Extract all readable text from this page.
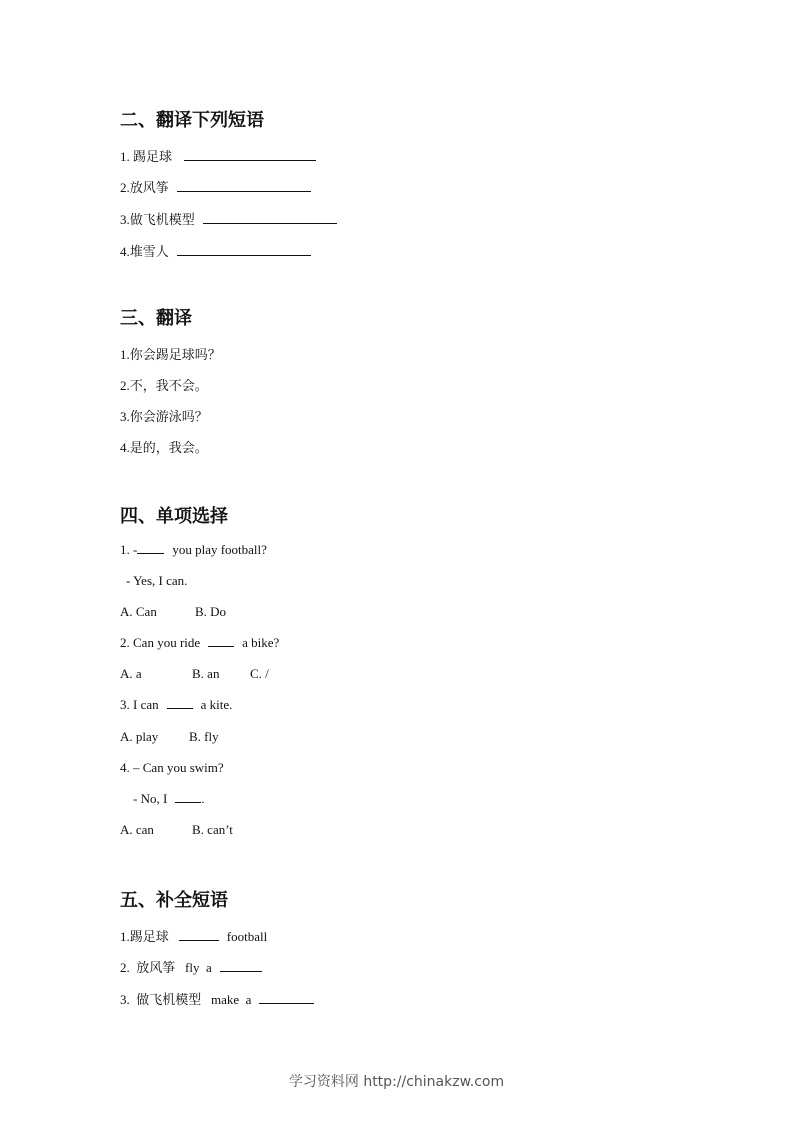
二、翻译下列短语
1. 踢足球
2.放风筝
3.做飞机模型
4.堆雪人
三、翻译
1.你会踢足球吗？
2.不，我不会。
3.你会游泳吗？
4.是的，我会。
四、单项选择
1. -	you play football?
- Yes, I can.
A. Can	B. Do
2. Can you ride	a bike?
A. a	B. an C. /
3. I can	a kite.
A. play B. fly
4. – Can you swim?
- No, I	.
A. can	B. can’t
五、补全短语
1.踢足球	football
2.  放风筝   fly  a
3.  做飞机模型   make  a
学习资料网 http://chinakzw.com
